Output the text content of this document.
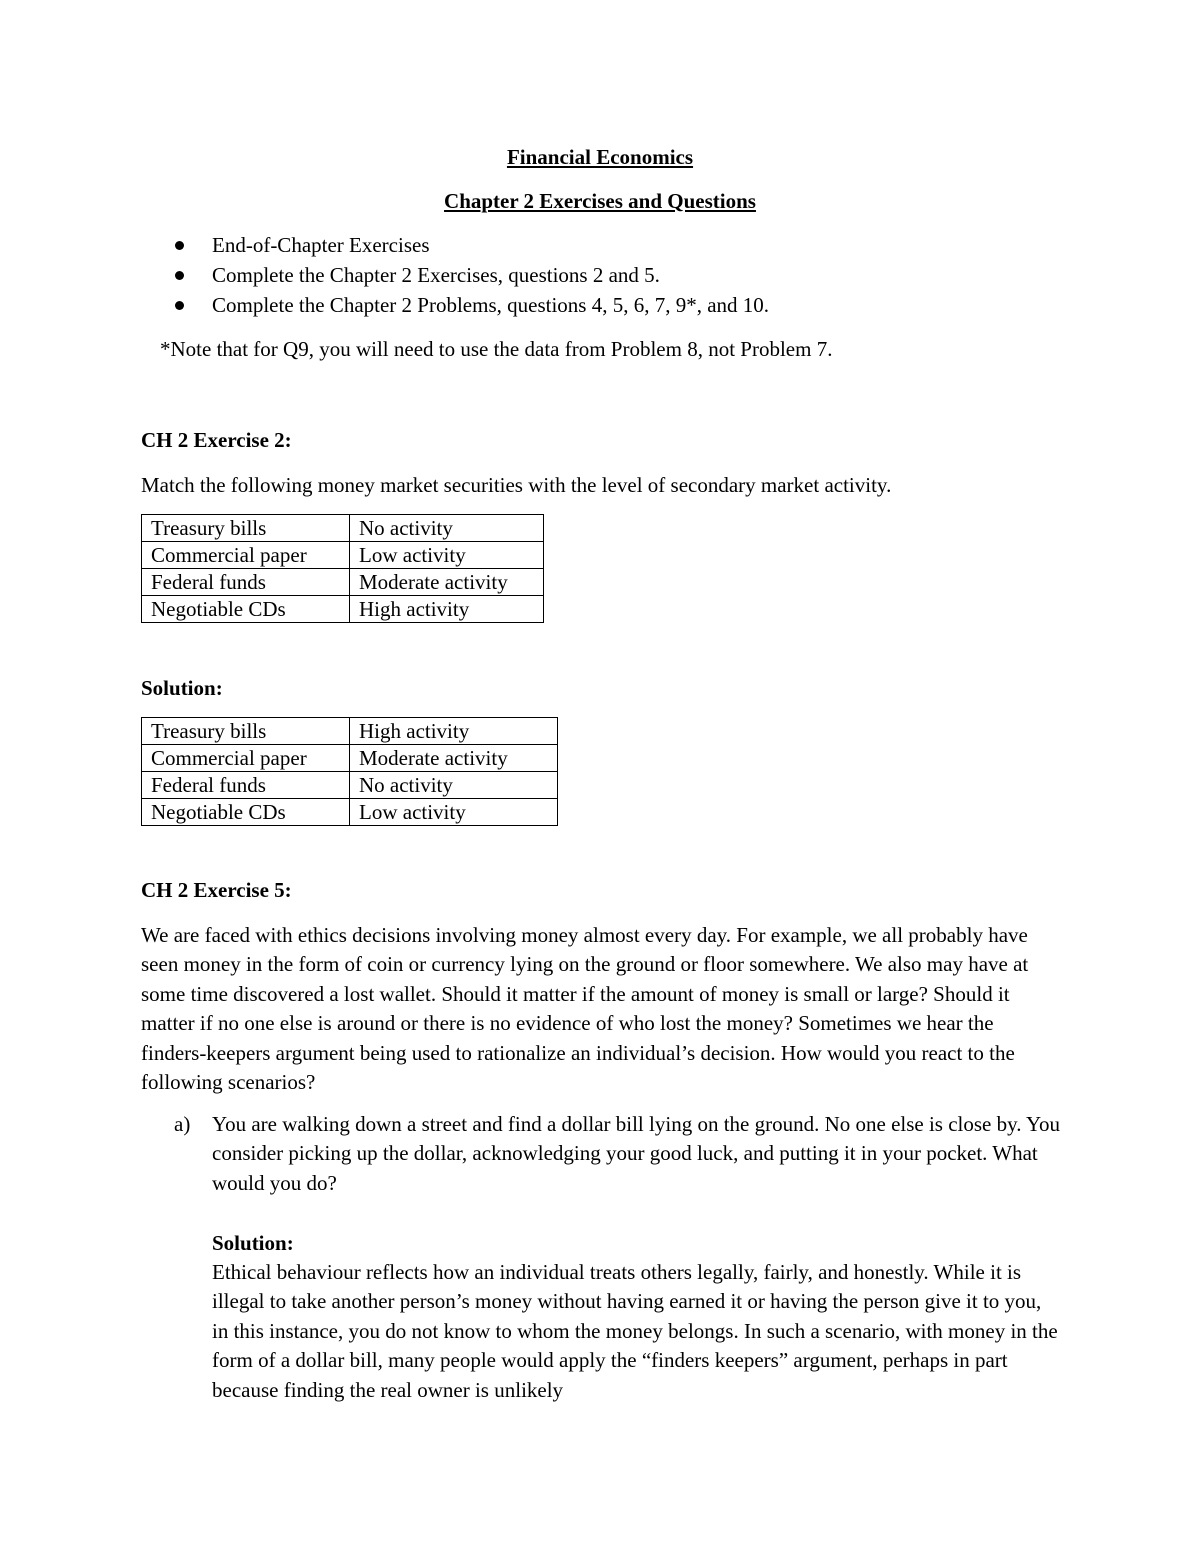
Financial Economics
Chapter 2 Exercises and Questions
End-of-Chapter Exercises
Complete the Chapter 2 Exercises, questions 2 and 5.
Complete the Chapter 2 Problems, questions 4, 5, 6, 7, 9*, and 10.
*Note that for Q9, you will need to use the data from Problem 8, not Problem 7.
CH 2 Exercise 2:
Match the following money market securities with the level of secondary market activity.
Treasury bills	No activity
Commercial paper	Low activity
Federal funds	Moderate activity
Negotiable CDs	High activity
Solution:
Treasury bills	High activity
Commercial paper	Moderate activity
Federal funds	No activity
Negotiable CDs	Low activity
CH 2 Exercise 5:
We are faced with ethics decisions involving money almost every day. For example, we all probably have seen money in the form of coin or currency lying on the ground or floor somewhere. We also may have at some time discovered a lost wallet. Should it matter if the amount of money is small or large? Should it matter if no one else is around or there is no evidence of who lost the money? Sometimes we hear the finders-keepers argument being used to rationalize an individual’s decision. How would you react to the following scenarios?
a) You are walking down a street and find a dollar bill lying on the ground. No one else is close by. You consider picking up the dollar, acknowledging your good luck, and putting it in your pocket. What would you do?
Solution:
Ethical behaviour reflects how an individual treats others legally, fairly, and honestly. While it is illegal to take another person’s money without having earned it or having the person give it to you, in this instance, you do not know to whom the money belongs. In such a scenario, with money in the form of a dollar bill, many people would apply the “finders keepers” argument, perhaps in part because finding the real owner is unlikely
